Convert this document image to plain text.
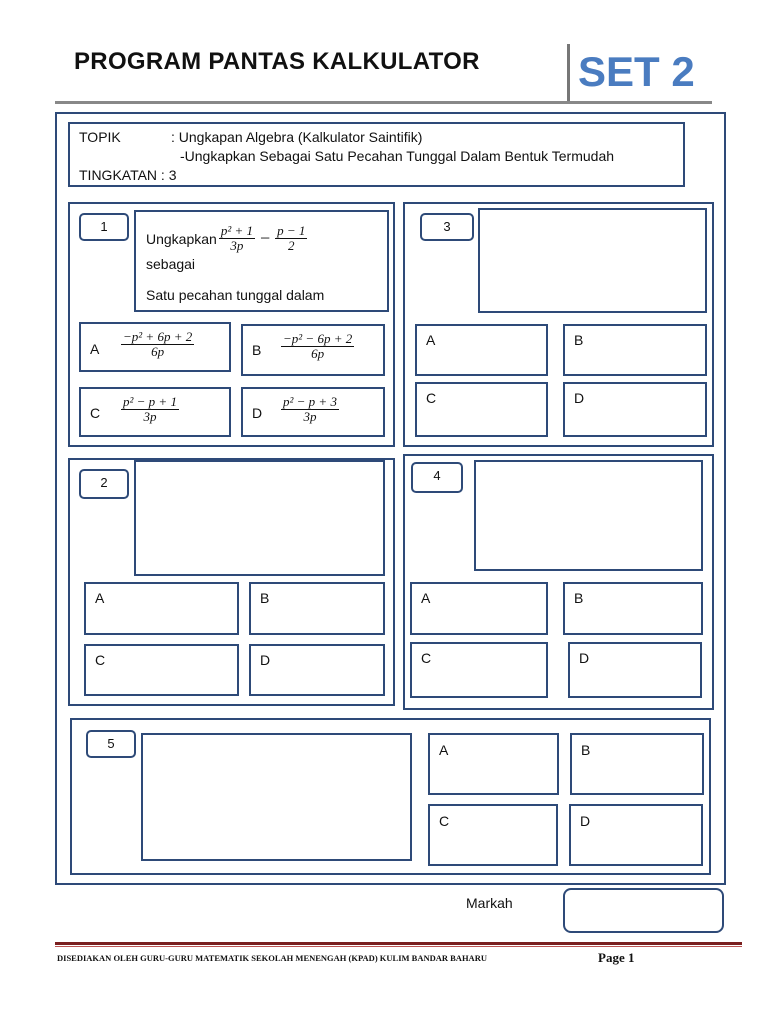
PROGRAM PANTAS KALKULATOR SET 2
TOPIK	: Ungkapan Algebra (Kalkulator Saintifik)
-Ungkapkan Sebagai Satu Pecahan Tunggal Dalam Bentuk Termudah
TINGKATAN : 3
1
Ungkapkan $\frac{\text{p² + 1}}{3p} - \frac{p - 1}{2}$
sebagai
Satu pecahan tunggal dalam
A $\frac{\text{−p² + 6p + 2}}{6p}$	B $\frac{\text{−p² − 6p + 2}}{6p}$
C $\frac{\text{p² − p + 1}}{3p}$	D $\frac{\text{p² − p + 3}}{3p}$
3
A	B
C	D
2
A	B
C	D
4
A	B
C	D
5	A	B
C	D
Markah
DISEDIAKAN OLEH GURU-GURU MATEMATIK SEKOLAH MENENGAH (KPAD) KULIM BANDAR BAHARU	Page 1
